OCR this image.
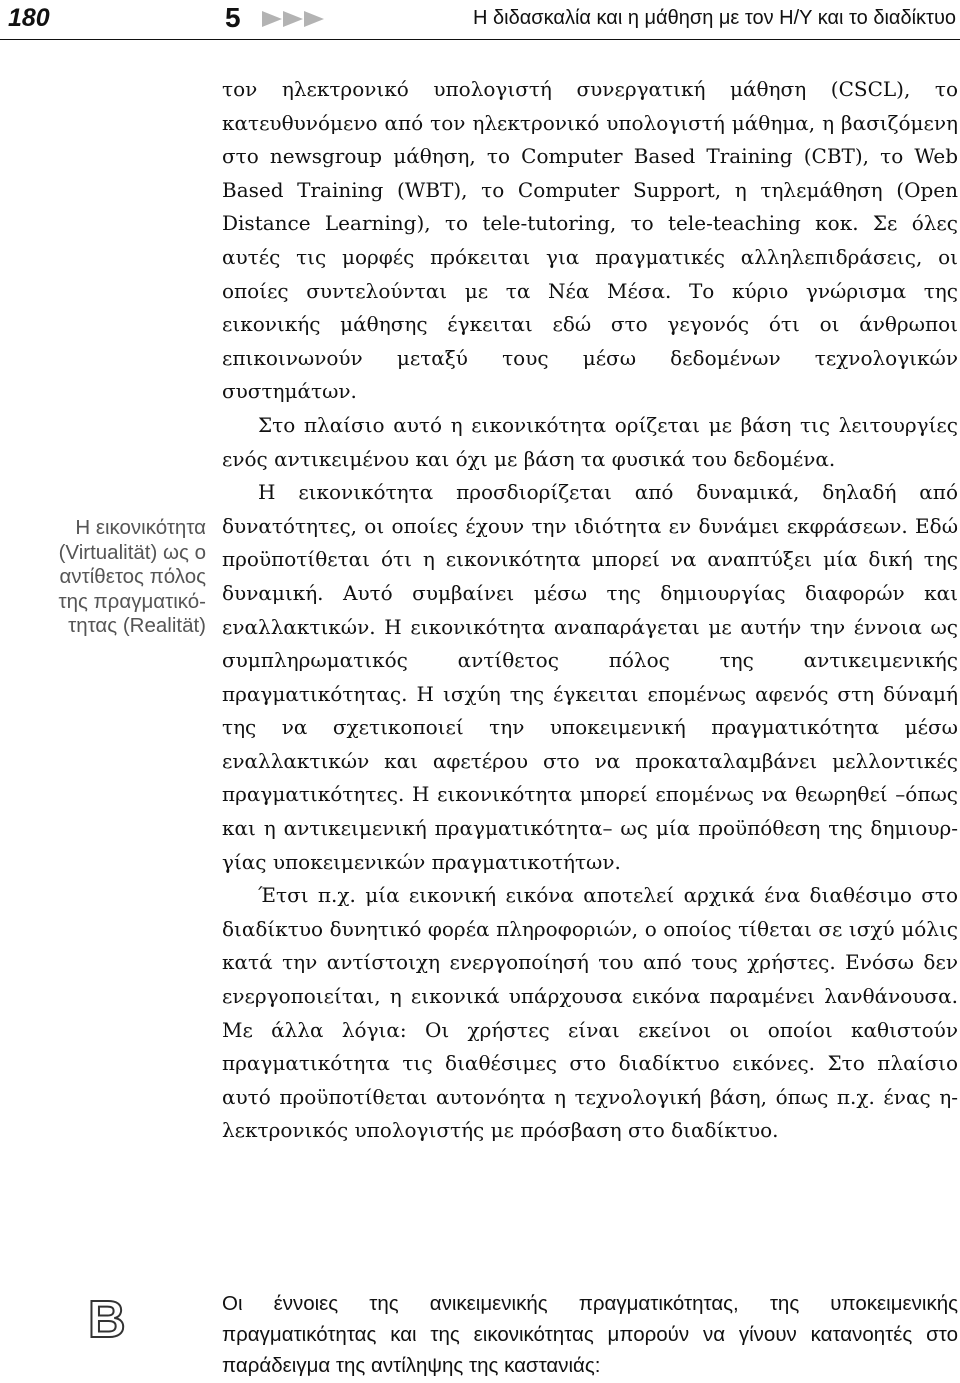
180	5	Η διδασκαλία και η μάθηση με τον Η/Υ και το διαδίκτυο
Η εικονικότητα
(Virtualität) ως ο
αντίθετος πόλος
της πραγματικό-
τητας (Realität)

τον ηλεκτρονικό υπολογιστή συνεργατική μάθηση (CSCL), το κατευθυνόμενο από τον ηλεκτρονικό υπολογιστή μάθημα, η βασιζόμενη στο newsgroup μάθηση, το Computer Based Training (CBT), το Web Based Training (WBT), το Computer Support, η τηλεμάθηση (Open Distance Learning), το tele-tutoring, το tele-teaching κοκ. Σε όλες αυτές τις μορφές πρόκειται για πραγματικές αλληλεπιδράσεις, οι οποίες συντελούνται με τα Νέα Μέσα. Το κύριο γνώρισμα της εικονικής μάθησης έγκειται εδώ στο γεγονός ότι οι άνθρωποι επικοινωνούν μεταξύ τους μέσω δεδομένων τεχνολογικών συστημάτων.

Στο πλαίσιο αυτό η εικονικότητα ορίζεται με βάση τις λειτουργίες ενός αντικειμένου και όχι με βάση τα φυσικά του δεδομένα.

Η εικονικότητα προσδιορίζεται από δυναμικά, δηλαδή από δυνατότητες, οι οποίες έχουν την ιδιότητα εν δυνάμει εκφράσεων. Εδώ προϋποτίθεται ότι η εικονικότητα μπορεί να αναπτύξει μία δική της δυναμική. Αυτό συμβαίνει μέσω της δημιουργίας διαφορών και εναλλακτικών. Η εικονικότητα αναπαράγεται με αυτήν την έννοια ως συμπληρωματικός αντίθετος πόλος της αντικειμενικής πραγματικότητας. Η ισχύη της έγκειται επομένως αφενός στη δύναμή της να σχετικοποιεί την υποκειμενική πραγματικότητα μέσω εναλλακτικών και αφετέρου στο να προκαταλαμβάνει μελλοντικές πραγματικότητες. Η εικονικότητα μπορεί επομένως να θεωρηθεί –όπως και η αντικειμενική πραγματικότητα– ως μία προϋπόθεση της δημιουργίας υποκειμενικών πραγματικοτήτων.

Έτσι π.χ. μία εικονική εικόνα αποτελεί αρχικά ένα διαθέσιμο στο διαδίκτυο δυνητικό φορέα πληροφοριών, ο οποίος τίθεται σε ισχύ μόλις κατά την αντίστοιχη ενεργοποίησή του από τους χρήστες. Ενόσω δεν ενεργοποιείται, η εικονικά υπάρχουσα εικόνα παραμένει λανθάνουσα. Με άλλα λόγια: Οι χρήστες είναι εκείνοι οι οποίοι καθιστούν πραγματικότητα τις διαθέσιμες στο διαδίκτυο εικόνες. Στο πλαίσιο αυτό προϋποτίθεται αυτονόητα η τεχνολογική βάση, όπως π.χ. ένας ηλεκτρονικός υπολογιστής με πρόσβαση στο διαδίκτυο.

B	Οι έννοιες της ανικειμενικής πραγματικότητας, της υποκειμενικής πραγματικότητας και της εικονικότητας μπορούν να γίνουν κατανοητές στο παράδειγμα της αντίληψης της καστανιάς:
